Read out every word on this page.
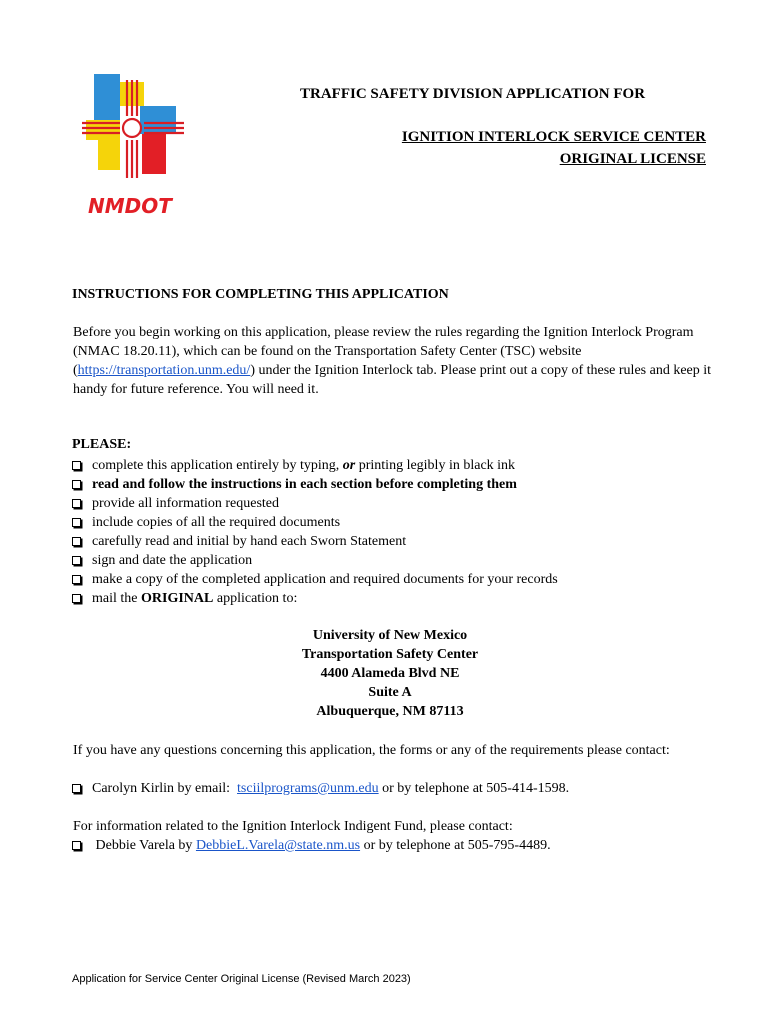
NMDOT
TRAFFIC SAFETY DIVISION APPLICATION FOR
IGNITION INTERLOCK SERVICE CENTER
ORIGINAL LICENSE
INSTRUCTIONS FOR COMPLETING THIS APPLICATION
Before you begin working on this application, please review the rules regarding the Ignition Interlock Program (NMAC 18.20.11), which can be found on the Transportation Safety Center (TSC) website (https://transportation.unm.edu/) under the Ignition Interlock tab. Please print out a copy of these rules and keep it handy for future reference. You will need it.
PLEASE:
complete this application entirely by typing, or printing legibly in black ink
read and follow the instructions in each section before completing them
provide all information requested
include copies of all the required documents
carefully read and initial by hand each Sworn Statement
sign and date the application
make a copy of the completed application and required documents for your records
mail the ORIGINAL application to:
University of New Mexico
Transportation Safety Center
4400 Alameda Blvd NE
Suite A
Albuquerque, NM 87113
If you have any questions concerning this application, the forms or any of the requirements please contact:
Carolyn Kirlin by email: tsciilprograms@unm.edu or by telephone at 505-414-1598.
For information related to the Ignition Interlock Indigent Fund, please contact:
Debbie Varela by DebbieL.Varela@state.nm.us or by telephone at 505-795-4489.
Application for Service Center Original License (Revised March 2023)
